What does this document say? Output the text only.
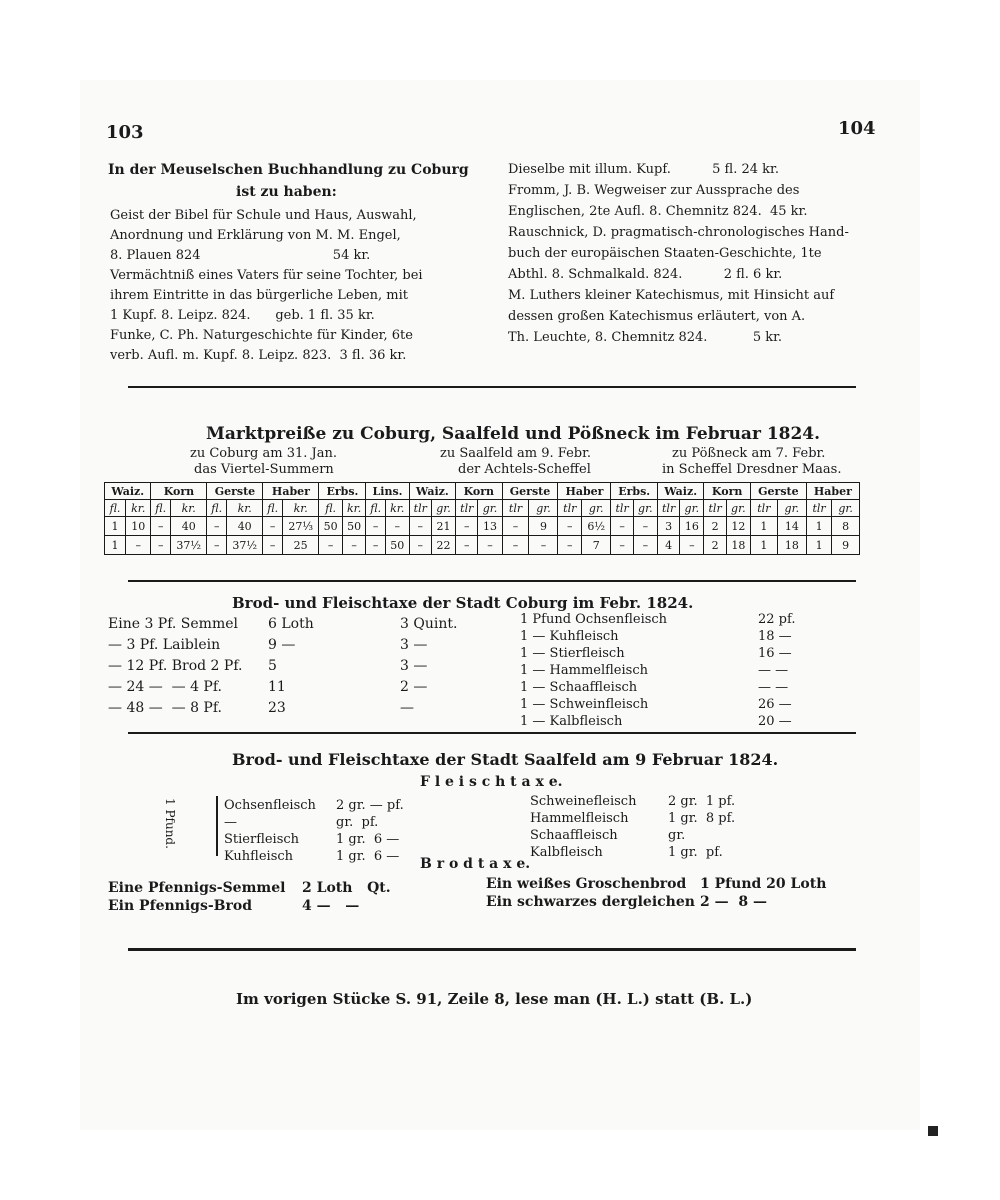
103	104
In der Meuselschen Buchhandlung zu Coburg
ist zu haben:
Geist der Bibel für Schule und Haus, Auswahl,
Anordnung und Erklärung von M. M. Engel,
8. Plauen 824                                54 kr.
Vermächtniß eines Vaters für seine Tochter, bei
ihrem Eintritte in das bürgerliche Leben, mit
1 Kupf. 8. Leipz. 824.      geb. 1 fl. 35 kr.
Funke, C. Ph. Naturgeschichte für Kinder, 6te
verb. Aufl. m. Kupf. 8. Leipz. 823.  3 fl. 36 kr.
Dieselbe mit illum. Kupf.          5 fl. 24 kr.
Fromm, J. B. Wegweiser zur Aussprache des
Englischen, 2te Aufl. 8. Chemnitz 824.  45 kr.
Rauschnick, D. pragmatisch-chronologisches Hand-
buch der europäischen Staaten-Geschichte, 1te
Abthl. 8. Schmalkald. 824.          2 fl. 6 kr.
M. Luthers kleiner Katechismus, mit Hinsicht auf
dessen großen Katechismus erläutert, von A.
Th. Leuchte, 8. Chemnitz 824.           5 kr.
Marktpreiße zu Coburg, Saalfeld und Pößneck im Februar 1824.
zu Coburg am 31. Jan.
das Viertel-Summern
zu Saalfeld am 9. Febr.
der Achtels-Scheffel
zu Pößneck am 7. Febr.
in Scheffel Dresdner Maas.
Waiz.		Korn		Gerste		Haber		Erbs.		Lins.		Waiz.		Korn		Gerste		Haber		Erbs.		Waiz.		Korn		Gerste		Haber	
fl.	kr.	fl.	kr.	fl.	kr.	fl.	kr.	fl.	kr.	fl.	kr.	tlr	gr.	tlr	gr.	tlr	gr.	tlr	gr.	tlr	gr.	tlr	gr.	tlr	gr.	tlr	gr.	tlr	gr.
1	10	–	40	–	40	–	27⅓	50	50	–	–	–	21	–	13	–	9	–	6½	–	–	3	16	2	12	1	14	1	8
1	–	–	37½	–	37½	–	25	–	–	–	50	–	22	–	–	–	–	–	7	–	–	4	–	2	18	1	18	1	9
Brod- und Fleischtaxe der Stadt Coburg im Febr. 1824.
Eine 3 Pf. Semmel 6 Loth	3 Quint.
— 3 Pf. Laiblein	9 —	3 —
— 12 Pf. Brod 2 Pf. 5	3 —
— 24 —  — 4 Pf.	11	2 —
— 48 —  — 8 Pf.	23	—
1 Pfund Ochsenfleisch	22 pf.
1 — Kuhfleisch	18 —
1 — Stierfleisch	16 —
1 — Hammelfleisch	— —
1 — Schaaffleisch	— —
1 — Schweinfleisch	26 —
1 — Kalbfleisch	20 —
Brod- und Fleischtaxe der Stadt Saalfeld am 9 Februar 1824.
F l e i s c h t a x e.
1 Pfund.	Ochsenfleisch 2 gr. — pf.
—	gr.  pf.
Stierfleisch	1 gr.  6 —
Kuhfleisch	1 gr.  6 —
Schweinefleisch 2 gr.  1 pf.
Hammelfleisch	1 gr.  8 pf.
Schaaffleisch	gr.
Kalbfleisch	1 gr.  pf.
B r o d t a x e.
Eine Pfennigs-Semmel 2 Loth   Qt.
Ein Pfennigs-Brod	4 —   —
Ein weißes Groschenbrod 1 Pfund 20 Loth
Ein schwarzes dergleichen 2 —  8 —
Im vorigen Stücke S. 91, Zeile 8, lese man (H. L.) statt (B. L.)
